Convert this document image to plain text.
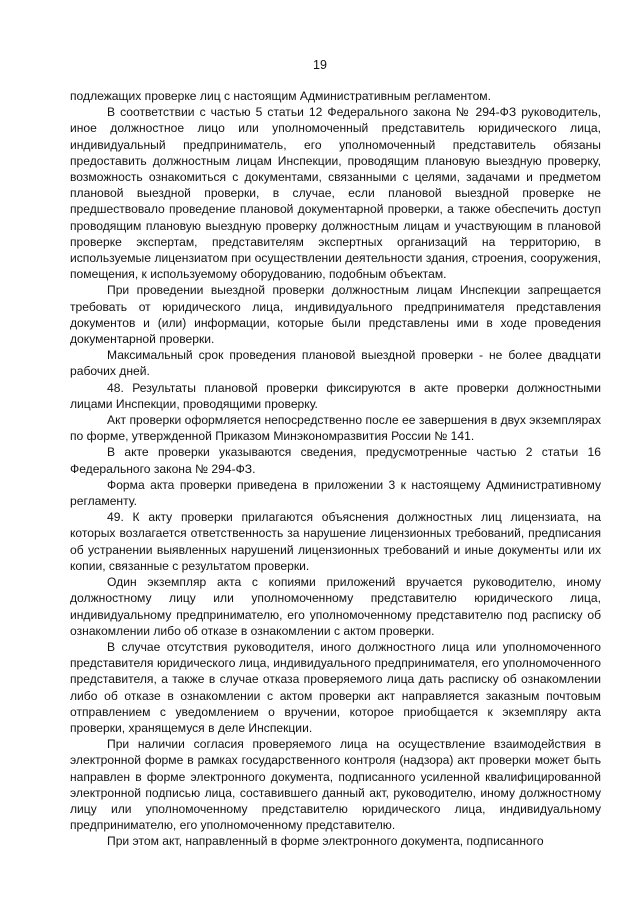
19

подлежащих проверке лиц с настоящим Административным регламентом.

В соответствии с частью 5 статьи 12 Федерального закона № 294-ФЗ руководитель, иное должностное лицо или уполномоченный представитель юридического лица, индивидуальный предприниматель, его уполномоченный представитель обязаны предоставить должностным лицам Инспекции, проводящим плановую выездную проверку, возможность ознакомиться с документами, связанными с целями, задачами и предметом плановой выездной проверки, в случае, если плановой выездной проверке не предшествовало проведение плановой документарной проверки, а также обеспечить доступ проводящим плановую выездную проверку должностным лицам и участвующим в плановой проверке экспертам, представителям экспертных организаций на территорию, в используемые лицензиатом при осуществлении деятельности здания, строения, сооружения, помещения, к используемому оборудованию, подобным объектам.

При проведении выездной проверки должностным лицам Инспекции запрещается требовать от юридического лица, индивидуального предпринимателя представления документов и (или) информации, которые были представлены ими в ходе проведения документарной проверки.

Максимальный срок проведения плановой выездной проверки - не более двадцати рабочих дней.

48. Результаты плановой проверки фиксируются в акте проверки должностными лицами Инспекции, проводящими проверку.

Акт проверки оформляется непосредственно после ее завершения в двух экземплярах по форме, утвержденной Приказом Минэкономразвития России № 141.

В акте проверки указываются сведения, предусмотренные частью 2 статьи 16 Федерального закона № 294-ФЗ.

Форма акта проверки приведена в приложении 3 к настоящему Административному регламенту.

49. К акту проверки прилагаются объяснения должностных лиц лицензиата, на которых возлагается ответственность за нарушение лицензионных требований, предписания об устранении выявленных нарушений лицензионных требований и иные документы или их копии, связанные с результатом проверки.

Один экземпляр акта с копиями приложений вручается руководителю, иному должностному лицу или уполномоченному представителю юридического лица, индивидуальному предпринимателю, его уполномоченному представителю под расписку об ознакомлении либо об отказе в ознакомлении с актом проверки.

В случае отсутствия руководителя, иного должностного лица или уполномоченного представителя юридического лица, индивидуального предпринимателя, его уполномоченного представителя, а также в случае отказа проверяемого лица дать расписку об ознакомлении либо об отказе в ознакомлении с актом проверки акт направляется заказным почтовым отправлением с уведомлением о вручении, которое приобщается к экземпляру акта проверки, хранящемуся в деле Инспекции.

При наличии согласия проверяемого лица на осуществление взаимодействия в электронной форме в рамках государственного контроля (надзора) акт проверки может быть направлен в форме электронного документа, подписанного усиленной квалифицированной электронной подписью лица, составившего данный акт, руководителю, иному должностному лицу или уполномоченному представителю юридического лица, индивидуальному предпринимателю, его уполномоченному представителю.

При этом акт, направленный в форме электронного документа, подписанного
